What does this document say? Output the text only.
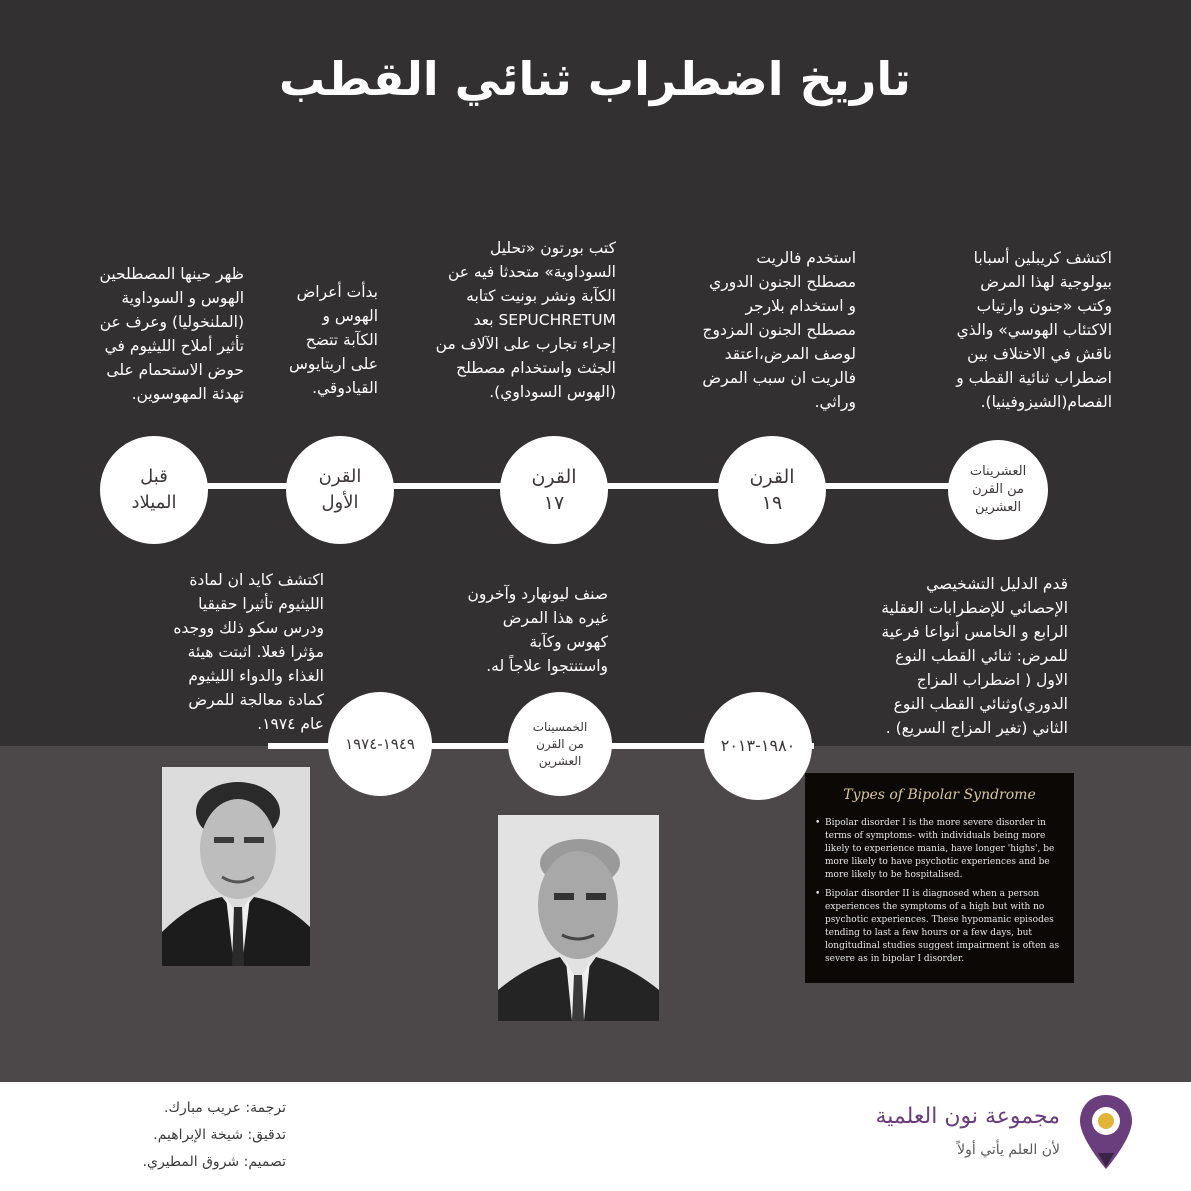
تاريخ اضطراب ثنائي القطب
العشرينات
من القرن
العشرين
القرن
١٩
القرن
١٧
القرن
الأول
قبل
الميلاد
اكتشف كريبلين أسبابا
بيولوجية لهذا المرض
وكتب «جنون وارتياب
الاكتئاب الهوسي» والذي
ناقش في الاختلاف بين
اضطراب ثنائية القطب و
الفصام(الشيزوفينيا).
استخدم فالريت
مصطلح الجنون الدوري
و استخدام بلارجر
مصطلح الجنون المزدوج
لوصف المرض،اعتقد
فالريت ان سبب المرض
وراثي.
كتب بورتون «تحليل
السوداوية» متحدثا فيه عن
الكآبة ونشر بونيت كتابه
SEPUCHRETUM بعد
إجراء تجارب على الآلاف من
الجثث واستخدام مصطلح
(الهوس السوداوي).
بدأت أعراض
الهوس و
الكآبة تتضح
على اريتايوس
القيادوقي.
ظهر حينها المصطلحين
الهوس و السوداوية
(الملنخوليا) وعرف عن
تأثير أملاح الليثيوم في
حوض الاستحمام على
تهدئة المهوسوين.
١٩٨٠-٢٠١٣
الخمسينات
من القرن
العشرين
١٩٤٩-١٩٧٤
قدم الدليل التشخيصي
الإحصائي للإضطرابات العقلية
الرابع و الخامس أنواعا فرعية
للمرض: ثنائي القطب النوع
الاول ( اضطراب المزاج
الدوري)وثنائي القطب النوع
الثاني (تغير المزاج السريع) .
صنف ليونهارد وآخرون
غيره هذا المرض
كهوس وكآبة
واستنتجوا علاجاً له.
اكتشف كايد ان لمادة
الليثيوم تأثيرا حقيقيا
ودرس سكو ذلك ووجده
مؤثرا فعلا. اثبتت هيئة
الغذاء والدواء الليثيوم
كمادة معالجة للمرض
عام ١٩٧٤.
Types of Bipolar Syndrome

• Bipolar disorder I is the more severe disorder in terms of symptoms- with individuals being more likely to experience mania, have longer 'highs', be more likely to have psychotic experiences and be more likely to be hospitalised.

• Bipolar disorder II is diagnosed when a person experiences the symptoms of a high but with no psychotic experiences. These hypomanic episodes tending to last a few hours or a few days, but longitudinal studies suggest impairment is often as severe as in bipolar I disorder.

مجموعة نون العلمية
لأن العلم يأتي أولاً
ترجمة: عريب مبارك.
تدقيق: شيخة الإبراهيم.
تصميم: شروق المطيري.
